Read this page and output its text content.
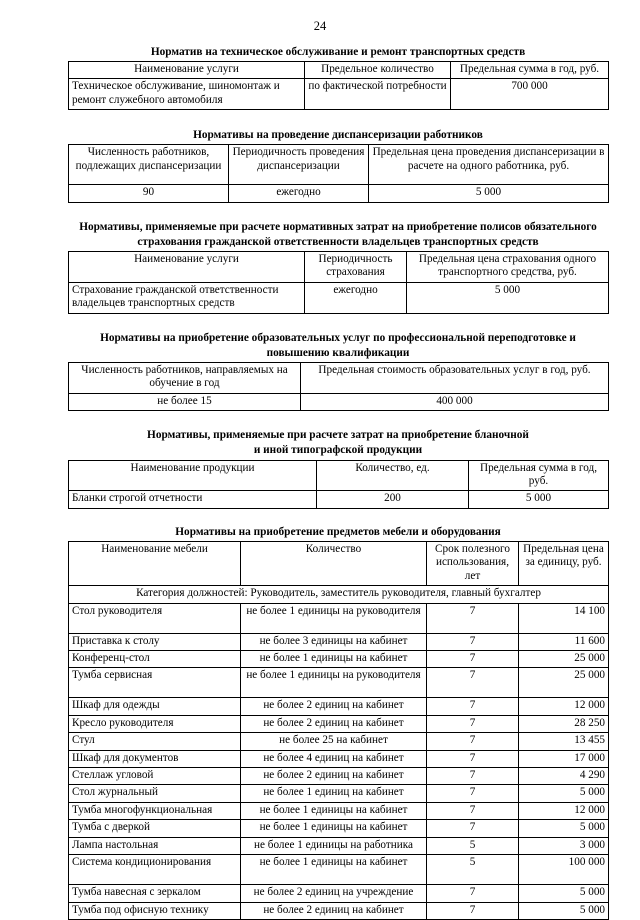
24
Норматив на техническое обслуживание и ремонт транспортных средств
Наименование услуги	Предельное количество	Предельная сумма в год, руб.
Техническое обслуживание, шиномонтаж и ремонт служебного автомобиля	по фактической потребности	700 000
Нормативы на проведение диспансеризации работников
Численность работников, подлежащих диспансеризации	Периодичность проведения диспансеризации	Предельная цена проведения диспансеризации в расчете на одного работника, руб.
90	ежегодно	5 000
Нормативы, применяемые при расчете нормативных затрат на приобретение полисов обязательного
страхования гражданской ответственности владельцев транспортных средств
Наименование услуги	Периодичность страхования	Предельная цена страхования одного транспортного средства, руб.
Страхование гражданской ответственности владельцев транспортных средств	ежегодно	5 000
Нормативы на приобретение образовательных услуг по профессиональной переподготовке и
повышению квалификации
Численность работников, направляемых на обучение в год	Предельная стоимость образовательных услуг в год, руб.
не более 15	400 000
Нормативы, применяемые при расчете затрат на приобретение бланочной
и иной типографской продукции
Наименование продукции	Количество, ед.	Предельная сумма в год, руб.
Бланки строгой отчетности	200	5 000
Нормативы на приобретение предметов мебели и оборудования
Наименование мебели	Количество	Срок полезного использования, лет	Предельная цена за единицу, руб.
Категория должностей: Руководитель, заместитель руководителя, главный бухгалтер			
Стол руководителя	не более 1 единицы на руководителя	7	14 100
Приставка к столу	не более 3 единицы на кабинет	7	11 600
Конференц-стол	не более 1 единицы на кабинет	7	25 000
Тумба сервисная	не более 1 единицы на руководителя	7	25 000
Шкаф для одежды	не более 2 единиц на кабинет	7	12 000
Кресло руководителя	не более 2 единиц на кабинет	7	28 250
Стул	не более 25 на кабинет	7	13 455
Шкаф для документов	не более 4 единиц на кабинет	7	17 000
Стеллаж угловой	не более 2 единиц на кабинет	7	4 290
Стол журнальный	не более 1 единиц на кабинет	7	5 000
Тумба многофункциональная	не более 1 единицы на кабинет	7	12 000
Тумба с дверкой	не более 1 единицы на кабинет	7	5 000
Лампа настольная	не более 1 единицы на работника	5	3 000
Система кондиционирования	не более 1 единицы на кабинет	5	100 000
Тумба навесная с зеркалом	не более 2 единиц на учреждение	7	5 000
Тумба под офисную технику	не более 2 единиц на кабинет	7	5 000
